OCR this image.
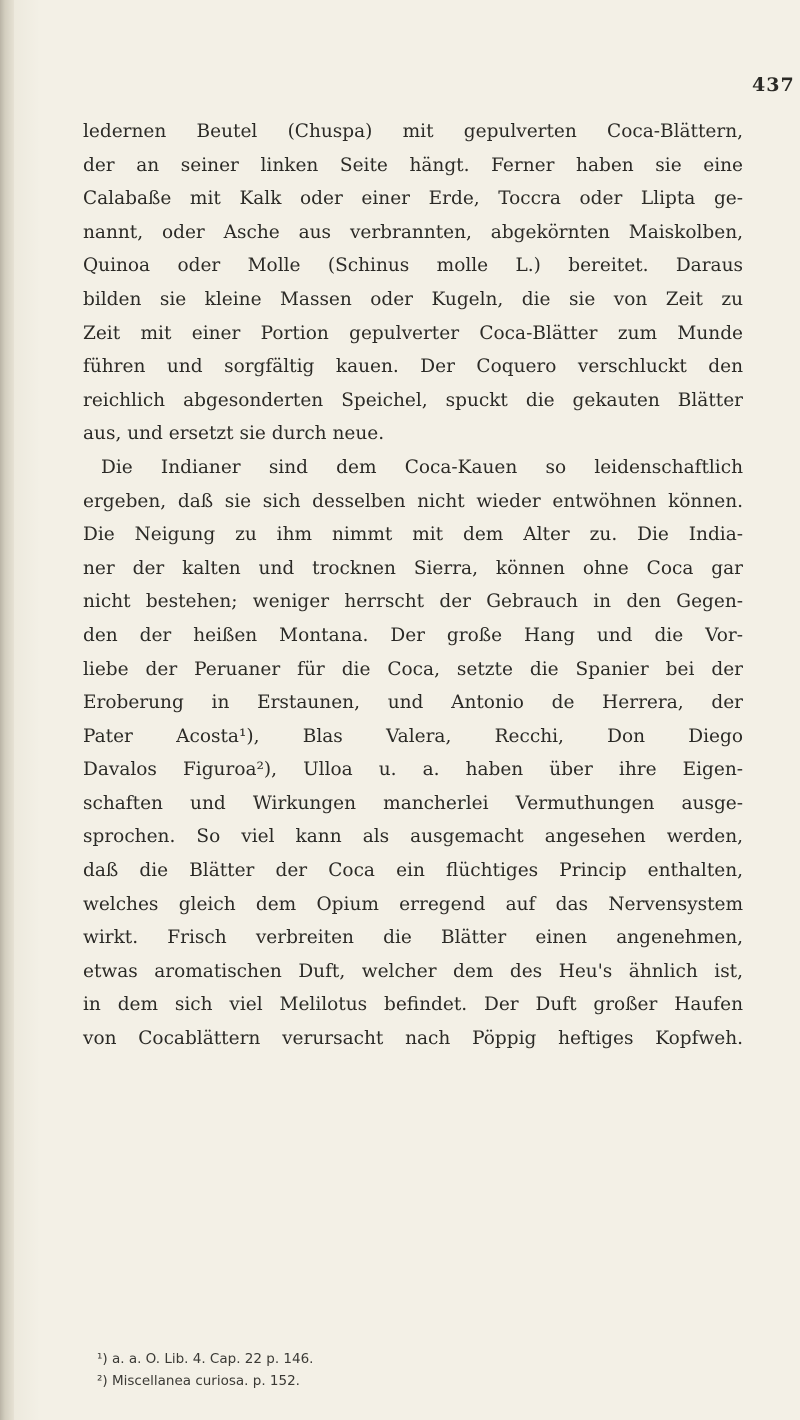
437
ledernen Beutel (Chuspa) mit gepulverten Coca-Blättern,
der an seiner linken Seite hängt. Ferner haben sie eine
Calabaße mit Kalk oder einer Erde, Toccra oder Llipta ge-
nannt, oder Asche aus verbrannten, abgekörnten Maiskolben,
Quinoa oder Molle (Schinus molle L.) bereitet. Daraus
bilden sie kleine Massen oder Kugeln, die sie von Zeit zu
Zeit mit einer Portion gepulverter Coca-Blätter zum Munde
führen und sorgfältig kauen. Der Coquero verschluckt den
reichlich abgesonderten Speichel, spuckt die gekauten Blätter
aus, und ersetzt sie durch neue.
Die Indianer sind dem Coca-Kauen so leidenschaftlich
ergeben, daß sie sich desselben nicht wieder entwöhnen können.
Die Neigung zu ihm nimmt mit dem Alter zu. Die Indiа-
ner der kalten und trocknen Sierra, können ohne Coca gar
nicht bestehen; weniger herrscht der Gebrauch in den Gegen-
den der heißen Montana. Der große Hang und die Vor-
liebe der Peruaner für die Coca, setzte die Spanier bei der
Eroberung in Erstaunen, und Antonio de Herrera, der
Pater Acosta¹), Blas Valera, Recchi, Don Diego
Davalos Figuroa²), Ulloa u. a. haben über ihre Eigen-
schaften und Wirkungen mancherlei Vermuthungen ausge-
sprochen. So viel kann als ausgemacht angesehen werden,
daß die Blätter der Coca ein flüchtiges Princip enthalten,
welches gleich dem Opium erregend auf das Nervensystem
wirkt. Frisch verbreiten die Blätter einen angenehmen,
etwas aromatischen Duft, welcher dem des Heu's ähnlich ist,
in dem sich viel Melilotus befindet. Der Duft großer Haufen
von Cocablättern verursacht nach Pöppig heftiges Kopfweh.
¹) a. a. O. Lib. 4. Cap. 22 p. 146.
²) Miscellanea curiosa. p. 152.
